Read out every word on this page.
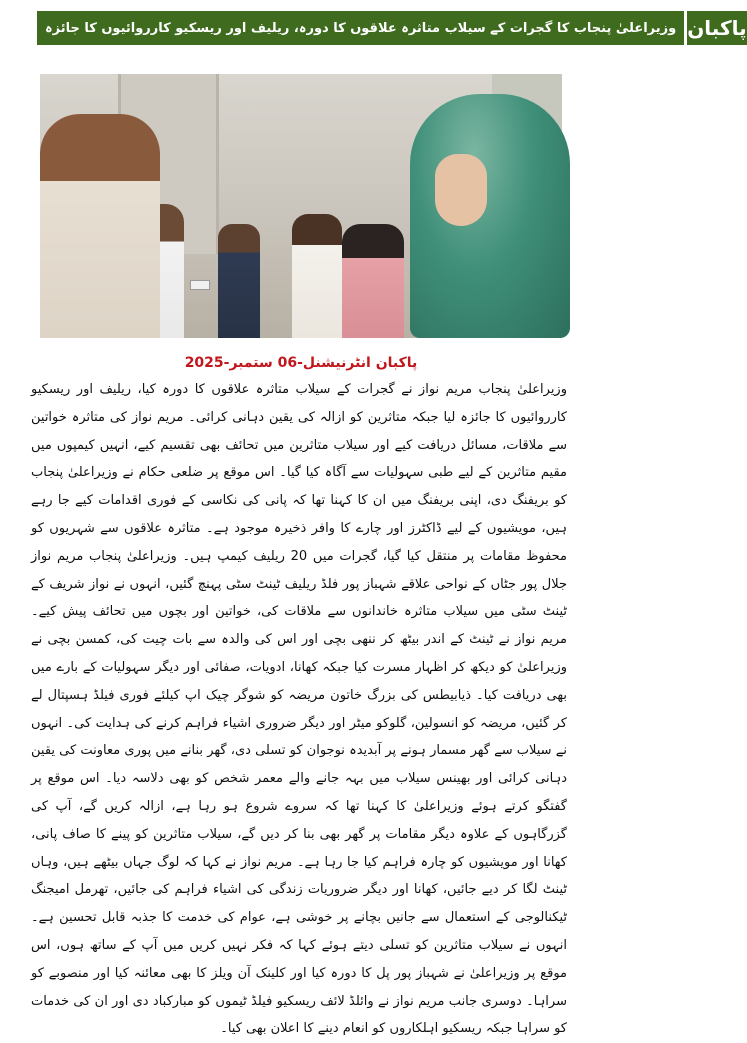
وزیراعلیٰ پنجاب کا گجرات کے سیلاب متاثرہ علاقوں کا دورہ، ریلیف اور ریسکیو کارروائیوں کا جائزہ پاکبان
پاکبان انٹرنیشنل-06 ستمبر-2025
وزیراعلیٰ پنجاب مریم نواز نے گجرات کے سیلاب متاثرہ علاقوں کا دورہ کیا، ریلیف اور ریسکیو کارروائیوں کا جائزہ لیا جبکہ متاثرین کو ازالہ کی یقین دہانی کرائی۔ مریم نواز کی متاثرہ خواتین سے ملاقات، مسائل دریافت کیے اور سیلاب متاثرین میں تحائف بھی تقسیم کیے، انہیں کیمپوں میں مقیم متاثرین کے لیے طبی سہولیات سے آگاہ کیا گیا۔ اس موقع پر ضلعی حکام نے وزیراعلیٰ پنجاب کو بریفنگ دی، اپنی بریفنگ میں ان کا کہنا تھا کہ پانی کی نکاسی کے فوری اقدامات کیے جا رہے ہیں، مویشیوں کے لیے ڈاکٹرز اور چارے کا وافر ذخیرہ موجود ہے۔ متاثرہ علاقوں سے شہریوں کو محفوظ مقامات پر منتقل کیا گیا، گجرات میں 20 ریلیف کیمپ ہیں۔ وزیراعلیٰ پنجاب مریم نواز جلال پور جٹاں کے نواحی علاقے شہباز پور فلڈ ریلیف ٹینٹ سٹی پہنچ گئیں، انہوں نے نواز شریف کے ٹینٹ سٹی میں سیلاب متاثرہ خاندانوں سے ملاقات کی، خواتین اور بچوں میں تحائف پیش کیے۔ مریم نواز نے ٹینٹ کے اندر بیٹھ کر ننھی بچی اور اس کی والدہ سے بات چیت کی، کمسن بچی نے وزیراعلیٰ کو دیکھ کر اظہار مسرت کیا جبکہ کھانا، ادویات، صفائی اور دیگر سہولیات کے بارے میں بھی دریافت کیا۔ ذیابیطس کی بزرگ خاتون مریضہ کو شوگر چیک اپ کیلئے فوری فیلڈ ہسپتال لے کر گئیں، مریضہ کو انسولین، گلوکو میٹر اور دیگر ضروری اشیاء فراہم کرنے کی ہدایت کی۔ انہوں نے سیلاب سے گھر مسمار ہونے پر آبدیدہ نوجوان کو تسلی دی، گھر بنانے میں پوری معاونت کی یقین دہانی کرائی اور بھینس سیلاب میں بہہ جانے والے معمر شخص کو بھی دلاسہ دیا۔ اس موقع پر گفتگو کرتے ہوئے وزیراعلیٰ کا کہنا تھا کہ سروے شروع ہو رہا ہے، ازالہ کریں گے، آپ کی گزرگاہوں کے علاوہ دیگر مقامات پر گھر بھی بنا کر دیں گے، سیلاب متاثرین کو پینے کا صاف پانی، کھانا اور مویشیوں کو چارہ فراہم کیا جا رہا ہے۔ مریم نواز نے کہا کہ لوگ جہاں بیٹھے ہیں، وہاں ٹینٹ لگا کر دیے جائیں، کھانا اور دیگر ضروریات زندگی کی اشیاء فراہم کی جائیں، تھرمل امیجنگ ٹیکنالوجی کے استعمال سے جانیں بچانے پر خوشی ہے، عوام کی خدمت کا جذبہ قابل تحسین ہے۔ انہوں نے سیلاب متاثرین کو تسلی دیتے ہوئے کہا کہ فکر نہیں کریں میں آپ کے ساتھ ہوں، اس موقع پر وزیراعلیٰ نے شہباز پور پل کا دورہ کیا اور کلینک آن ویلز کا بھی معائنہ کیا اور منصوبے کو سراہا۔ دوسری جانب مریم نواز نے وائلڈ لائف ریسکیو فیلڈ ٹیموں کو مبارکباد دی اور ان کی خدمات کو سراہا جبکہ ریسکیو اہلکاروں کو انعام دینے کا اعلان بھی کیا۔
